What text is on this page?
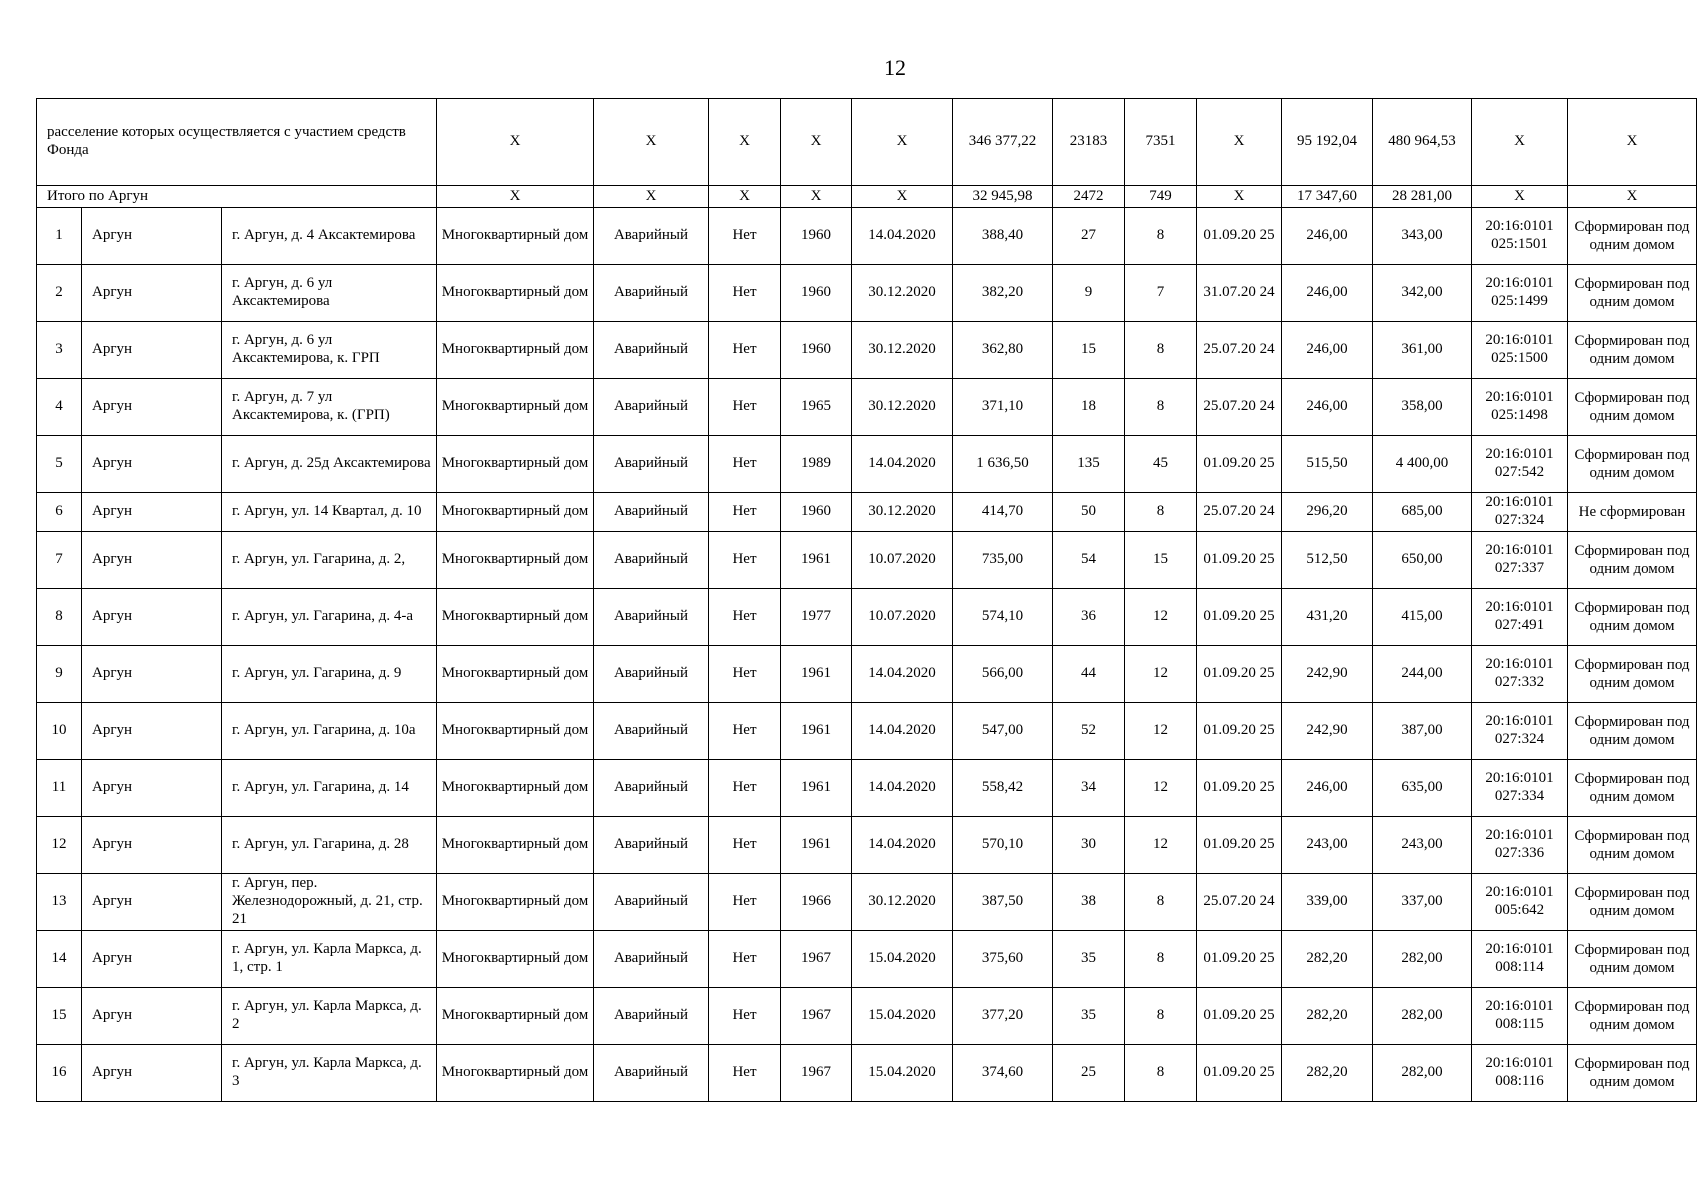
12
расселение которых осуществляется с участием средств Фонда			Х	Х	Х	Х	Х	346 377,22	23183	7351	Х	95 192,04	480 964,53	Х	Х
Итого по Аргун			Х	Х	Х	Х	Х	32 945,98	2472	749	Х	17 347,60	28 281,00	Х	Х
1	Аргун	г. Аргун, д. 4 Аксактемирова	Многоквартирный дом	Аварийный	Нет	1960	14.04.2020	388,40	27	8	01.09.20 25	246,00	343,00	20:16:0101 025:1501	Сформирован под одним домом
2	Аргун	г. Аргун, д. 6 ул Аксактемирова	Многоквартирный дом	Аварийный	Нет	1960	30.12.2020	382,20	9	7	31.07.20 24	246,00	342,00	20:16:0101 025:1499	Сформирован под одним домом
3	Аргун	г. Аргун, д. 6 ул Аксактемирова, к. ГРП	Многоквартирный дом	Аварийный	Нет	1960	30.12.2020	362,80	15	8	25.07.20 24	246,00	361,00	20:16:0101 025:1500	Сформирован под одним домом
4	Аргун	г. Аргун, д. 7 ул Аксактемирова, к. (ГРП)	Многоквартирный дом	Аварийный	Нет	1965	30.12.2020	371,10	18	8	25.07.20 24	246,00	358,00	20:16:0101 025:1498	Сформирован под одним домом
5	Аргун	г. Аргун, д. 25д Аксактемирова	Многоквартирный дом	Аварийный	Нет	1989	14.04.2020	1 636,50	135	45	01.09.20 25	515,50	4 400,00	20:16:0101 027:542	Сформирован под одним домом
6	Аргун	г. Аргун, ул. 14 Квартал, д. 10	Многоквартирный дом	Аварийный	Нет	1960	30.12.2020	414,70	50	8	25.07.20 24	296,20	685,00	20:16:0101 027:324	Не сформирован
7	Аргун	г. Аргун, ул. Гагарина, д. 2,	Многоквартирный дом	Аварийный	Нет	1961	10.07.2020	735,00	54	15	01.09.20 25	512,50	650,00	20:16:0101 027:337	Сформирован под одним домом
8	Аргун	г. Аргун, ул. Гагарина, д. 4-а	Многоквартирный дом	Аварийный	Нет	1977	10.07.2020	574,10	36	12	01.09.20 25	431,20	415,00	20:16:0101 027:491	Сформирован под одним домом
9	Аргун	г. Аргун, ул. Гагарина, д. 9	Многоквартирный дом	Аварийный	Нет	1961	14.04.2020	566,00	44	12	01.09.20 25	242,90	244,00	20:16:0101 027:332	Сформирован под одним домом
10	Аргун	г. Аргун, ул. Гагарина, д. 10а	Многоквартирный дом	Аварийный	Нет	1961	14.04.2020	547,00	52	12	01.09.20 25	242,90	387,00	20:16:0101 027:324	Сформирован под одним домом
11	Аргун	г. Аргун, ул. Гагарина, д. 14	Многоквартирный дом	Аварийный	Нет	1961	14.04.2020	558,42	34	12	01.09.20 25	246,00	635,00	20:16:0101 027:334	Сформирован под одним домом
12	Аргун	г. Аргун, ул. Гагарина, д. 28	Многоквартирный дом	Аварийный	Нет	1961	14.04.2020	570,10	30	12	01.09.20 25	243,00	243,00	20:16:0101 027:336	Сформирован под одним домом
13	Аргун	г. Аргун, пер. Железнодорожный, д. 21, стр. 21	Многоквартирный дом	Аварийный	Нет	1966	30.12.2020	387,50	38	8	25.07.20 24	339,00	337,00	20:16:0101 005:642	Сформирован под одним домом
14	Аргун	г. Аргун, ул. Карла Маркса, д. 1, стр. 1	Многоквартирный дом	Аварийный	Нет	1967	15.04.2020	375,60	35	8	01.09.20 25	282,20	282,00	20:16:0101 008:114	Сформирован под одним домом
15	Аргун	г. Аргун, ул. Карла Маркса, д. 2	Многоквартирный дом	Аварийный	Нет	1967	15.04.2020	377,20	35	8	01.09.20 25	282,20	282,00	20:16:0101 008:115	Сформирован под одним домом
16	Аргун	г. Аргун, ул. Карла Маркса, д. 3	Многоквартирный дом	Аварийный	Нет	1967	15.04.2020	374,60	25	8	01.09.20 25	282,20	282,00	20:16:0101 008:116	Сформирован под одним домом
